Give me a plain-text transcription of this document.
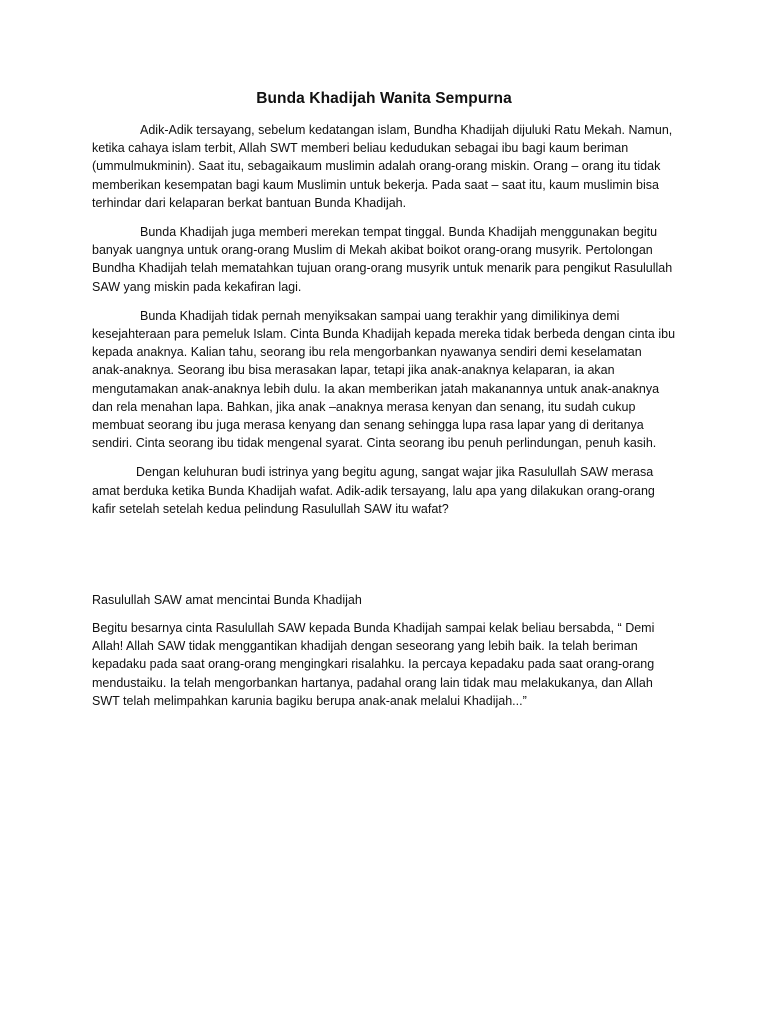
Bunda Khadijah Wanita Sempurna

Adik-Adik tersayang, sebelum kedatangan islam, Bundha Khadijah dijuluki Ratu Mekah. Namun, ketika cahaya islam terbit, Allah SWT memberi beliau kedudukan sebagai ibu bagi kaum beriman (ummulmukminin). Saat itu, sebagaikaum muslimin adalah orang-orang miskin. Orang – orang itu tidak memberikan kesempatan bagi kaum Muslimin untuk bekerja. Pada saat – saat itu, kaum muslimin bisa terhindar dari kelaparan berkat bantuan Bunda Khadijah.

Bunda Khadijah juga memberi merekan tempat tinggal. Bunda Khadijah menggunakan begitu banyak uangnya untuk orang-orang Muslim di Mekah akibat boikot orang-orang musyrik. Pertolongan Bundha Khadijah telah mematahkan tujuan orang-orang musyrik untuk menarik para pengikut Rasulullah SAW yang miskin pada kekafiran lagi.

Bunda Khadijah tidak pernah menyiksakan sampai uang terakhir yang dimilikinya demi kesejahteraan para pemeluk Islam. Cinta Bunda Khadijah kepada mereka tidak berbeda dengan cinta ibu kepada anaknya. Kalian tahu, seorang ibu rela mengorbankan nyawanya sendiri demi keselamatan anak-anaknya. Seorang ibu bisa merasakan lapar, tetapi jika anak-anaknya kelaparan, ia akan mengutamakan anak-anaknya lebih dulu. Ia akan memberikan jatah makanannya untuk anak-anaknya dan rela menahan lapa. Bahkan, jika anak –anaknya merasa kenyan dan senang, itu sudah cukup membuat seorang ibu juga merasa kenyang dan senang sehingga lupa rasa lapar yang di deritanya sendiri. Cinta seorang ibu tidak mengenal syarat. Cinta seorang ibu penuh perlindungan, penuh kasih.

Dengan keluhuran budi istrinya yang begitu agung, sangat wajar jika Rasulullah SAW merasa amat berduka ketika Bunda Khadijah wafat. Adik-adik tersayang, lalu apa yang dilakukan orang-orang kafir setelah setelah kedua pelindung Rasulullah SAW itu wafat?

Rasulullah SAW amat mencintai Bunda Khadijah

Begitu besarnya cinta Rasulullah SAW kepada Bunda Khadijah sampai kelak beliau bersabda, “ Demi Allah! Allah SAW tidak menggantikan khadijah dengan seseorang yang lebih baik. Ia telah beriman kepadaku pada saat orang-orang mengingkari risalahku. Ia percaya kepadaku pada saat orang-orang mendustaiku. Ia telah mengorbankan hartanya, padahal orang lain tidak mau melakukanya, dan Allah SWT telah melimpahkan karunia bagiku berupa anak-anak melalui Khadijah...”
